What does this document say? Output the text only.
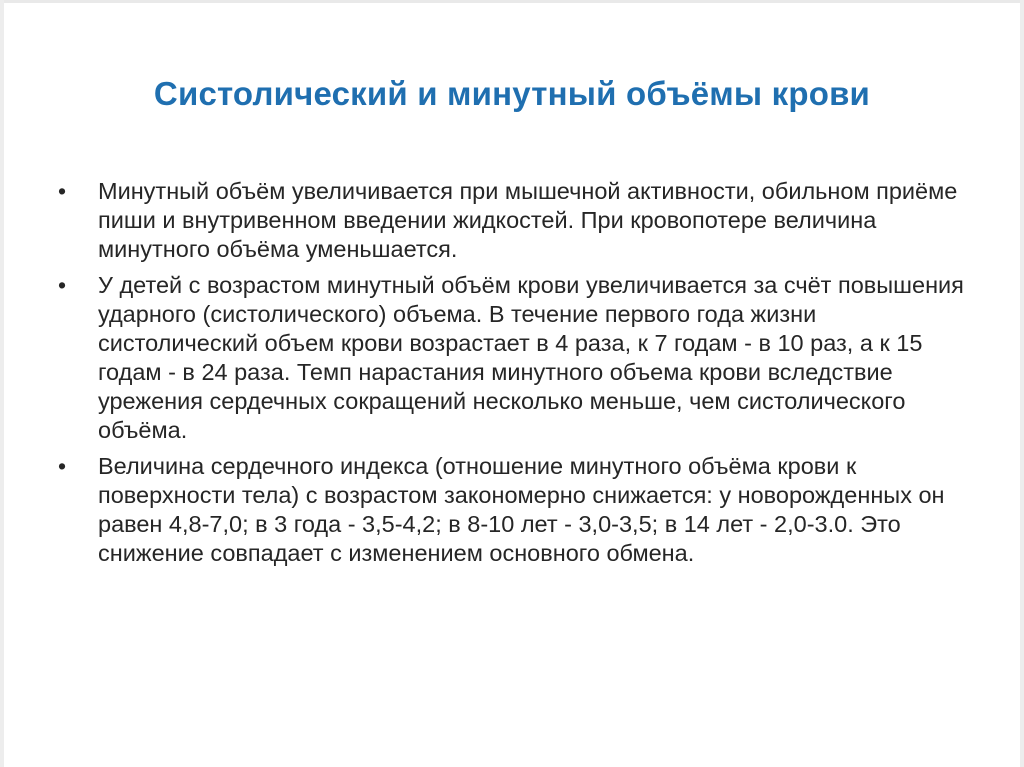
Систолический и минутный объёмы крови
•	Минутный объём увеличивается при мышечной активности, обильном приёме пиши и внутривенном введении жидкостей. При кровопотере величина минутного объёма уменьшается.
•	У детей с возрастом минутный объём крови увеличивается за счёт повышения ударного (систолического) объема. В течение первого года жизни систолический объем крови возрастает в 4 раза, к 7 годам - в 10 раз, а к 15 годам - в 24 раза. Темп нарастания минутного объема крови вследствие урежения сердечных сокращений несколько меньше, чем систолического объёма.
•	Величина сердечного индекса (отношение минутного объёма крови к поверхности тела) с возрастом закономерно снижается: у новорожденных он равен 4,8-7,0; в 3 года - 3,5-4,2; в 8-10 лет - 3,0-3,5; в 14 лет - 2,0-3.0. Это снижение совпадает с изменением основного обмена.
